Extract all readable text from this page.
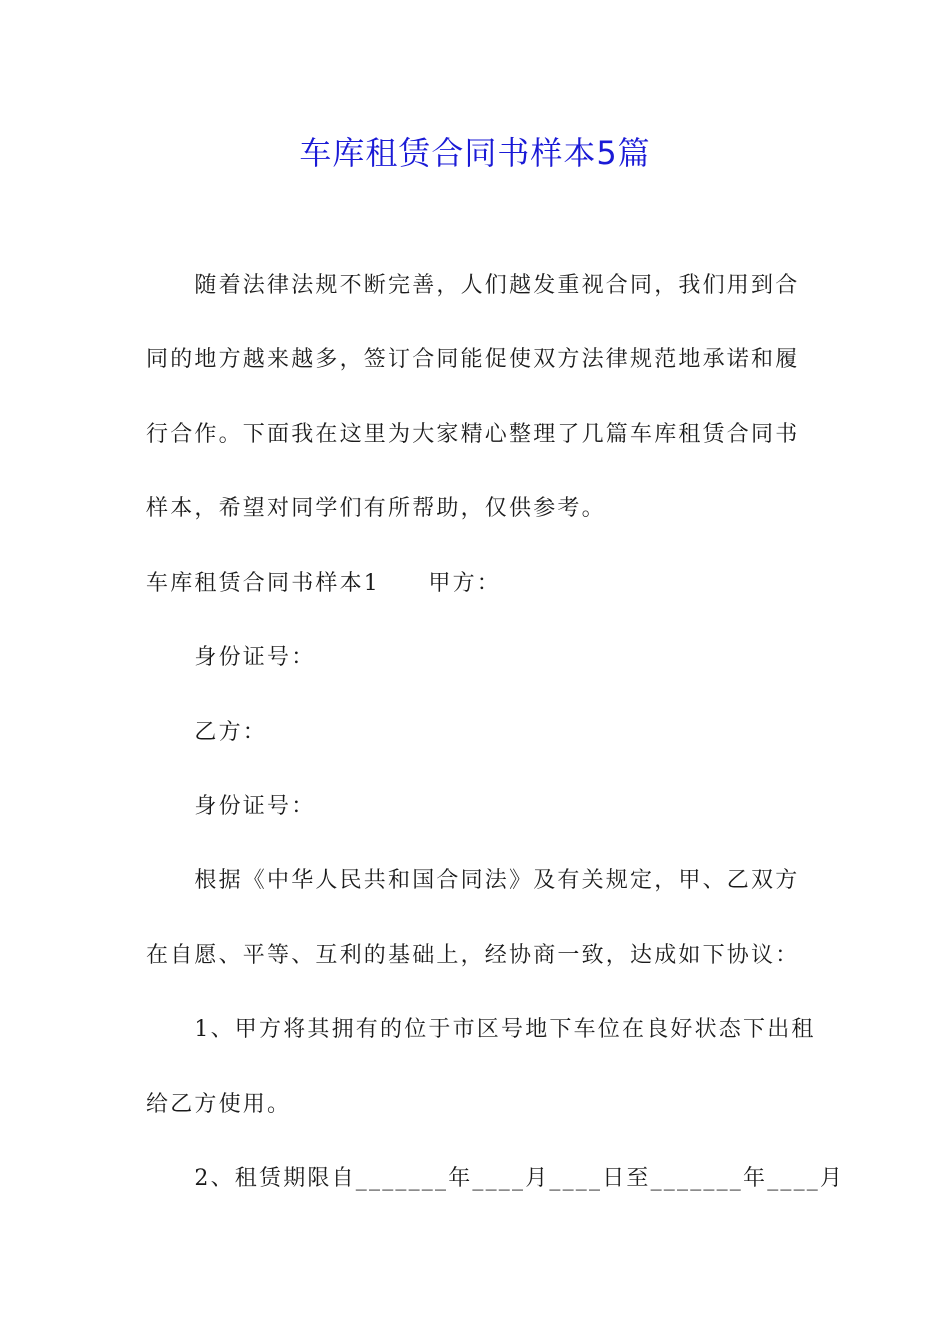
车库租赁合同书样本5篇

　　随着法律法规不断完善，人们越发重视合同，我们用到合

同的地方越来越多，签订合同能促使双方法律规范地承诺和履

行合作。下面我在这里为大家精心整理了几篇车库租赁合同书

样本，希望对同学们有所帮助，仅供参考。

车库租赁合同书样本1　　甲方：

　　身份证号：

　　乙方：

　　身份证号：

　　根据《中华人民共和国合同法》及有关规定，甲、乙双方

在自愿、平等、互利的基础上，经协商一致，达成如下协议：

　　1、甲方将其拥有的位于市区号地下车位在良好状态下出租

给乙方使用。

　　2、租赁期限自_______年____月____日至_______年____月
